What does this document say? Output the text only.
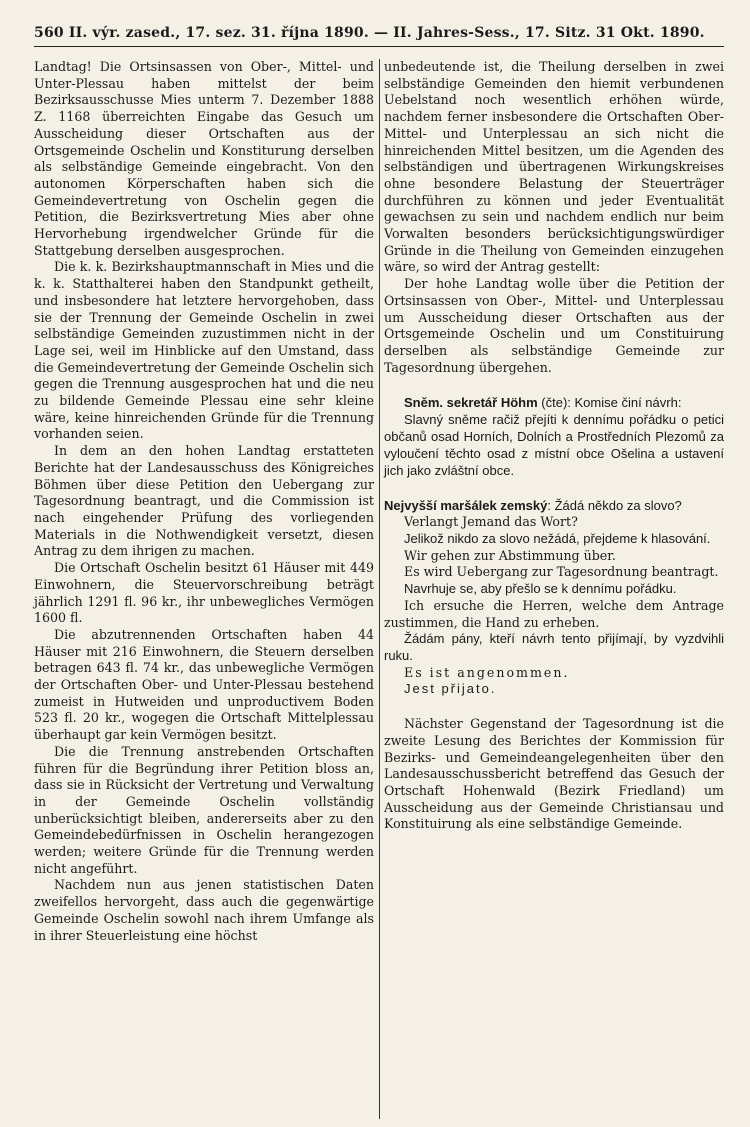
560 II. výr. zased., 17. sez. 31. října 1890. — II. Jahres-Sess., 17. Sitz. 31 Okt. 1890.

Landtag! Die Ortsinsassen von Ober-, Mittel- und Unter-Plessau haben mittelst der beim Bezirksausschusse Mies unterm 7. Dezember 1888 Z. 1168 überreichten Eingabe das Gesuch um Ausscheidung dieser Ortschaften aus der Ortsgemeinde Oschelin und Konstiturung derselben als selbständige Gemeinde eingebracht. Von den autonomen Körperschaften haben sich die Gemeindevertretung von Oschelin gegen die Petition, die Bezirksvertretung Mies aber ohne Hervorhebung irgendwelcher Gründe für die Stattgebung derselben ausgesprochen.

Die k. k. Bezirkshauptmannschaft in Mies und die k. k. Statthalterei haben den Standpunkt getheilt, und insbesondere hat letztere hervorgehoben, dass sie der Trennung der Gemeinde Oschelin in zwei selbständige Gemeinden zuzustimmen nicht in der Lage sei, weil im Hinblicke auf den Umstand, dass die Gemeindevertretung der Gemeinde Oschelin sich gegen die Trennung ausgesprochen hat und die neu zu bildende Gemeinde Plessau eine sehr kleine wäre, keine hinreichenden Gründe für die Trennung vorhanden seien.

In dem an den hohen Landtag erstatteten Berichte hat der Landesausschuss des Königreiches Böhmen über diese Petition den Uebergang zur Tagesordnung beantragt, und die Commission ist nach eingehender Prüfung des vorliegenden Materials in die Nothwendigkeit versetzt, diesen Antrag zu dem ihrigen zu machen.

Die Ortschaft Oschelin besitzt 61 Häuser mit 449 Einwohnern, die Steuervorschreibung beträgt jährlich 1291 fl. 96 kr., ihr unbewegliches Vermögen 1600 fl.

Die abzutrennenden Ortschaften haben 44 Häuser mit 216 Einwohnern, die Steuern derselben betragen 643 fl. 74 kr., das unbewegliche Vermögen der Ortschaften Ober- und Unter-Plessau bestehend zumeist in Hutweiden und unproductivem Boden 523 fl. 20 kr., wogegen die Ortschaft Mittelplessau überhaupt gar kein Vermögen besitzt.

Die die Trennung anstrebenden Ortschaften führen für die Begründung ihrer Petition bloss an, dass sie in Rücksicht der Vertretung und Verwaltung in der Gemeinde Oschelin vollständig unberücksichtigt bleiben, andererseits aber zu den Gemeindebedürfnissen in Oschelin herangezogen werden; weitere Gründe für die Trennung werden nicht angeführt.

Nachdem nun aus jenen statistischen Daten zweifellos hervorgeht, dass auch die gegenwärtige Gemeinde Oschelin sowohl nach ihrem Umfange als in ihrer Steuerleistung eine höchst

unbedeutende ist, die Theilung derselben in zwei selbständige Gemeinden den hiemit verbundenen Uebelstand noch wesentlich erhöhen würde, nachdem ferner insbesondere die Ortschaften Ober- Mittel- und Unterplessau an sich nicht die hinreichenden Mittel besitzen, um die Agenden des selbständigen und übertragenen Wirkungskreises ohne besondere Belastung der Steuerträger durchführen zu können und jeder Eventualität gewachsen zu sein und nachdem endlich nur beim Vorwalten besonders berücksichtigungswürdiger Gründe in die Theilung von Gemeinden einzugehen wäre, so wird der Antrag gestellt:

Der hohe Landtag wolle über die Petition der Ortsinsassen von Ober-, Mittel- und Unterplessau um Ausscheidung dieser Ortschaften aus der Ortsgemeinde Oschelin und um Constituirung derselben als selbständige Gemeinde zur Tagesordnung übergehen.

Sněm. sekretář Höhm (čte): Komise činí návrh:

Slavný sněme račiž přejíti k dennímu pořádku o petici občanů osad Horních, Dolních a Prostředních Plezomů za vyloučení těchto osad z místní obce Ošelina a ustavení jich jako zvláštní obce.

Nejvyšší maršálek zemský: Žádá někdo za slovo?

Verlangt Jemand das Wort?

Jelikož nikdo za slovo nežádá, přejdeme k hlasování.

Wir gehen zur Abstimmung über.

Es wird Uebergang zur Tagesordnung beantragt.

Navrhuje se, aby přešlo se k dennímu pořádku.

Ich ersuche die Herren, welche dem Antrage zustimmen, die Hand zu erheben.

Žádám pány, kteří návrh tento přijímají, by vyzdvihli ruku.

Es ist angenommen.

Jest přijato.

Nächster Gegenstand der Tagesordnung ist die zweite Lesung des Berichtes der Kommission für Bezirks- und Gemeindeangelegenheiten über den Landesausschussbericht betreffend das Gesuch der Ortschaft Hohenwald (Bezirk Friedland) um Ausscheidung aus der Gemeinde Christiansau und Konstituirung als eine selbständige Gemeinde.
